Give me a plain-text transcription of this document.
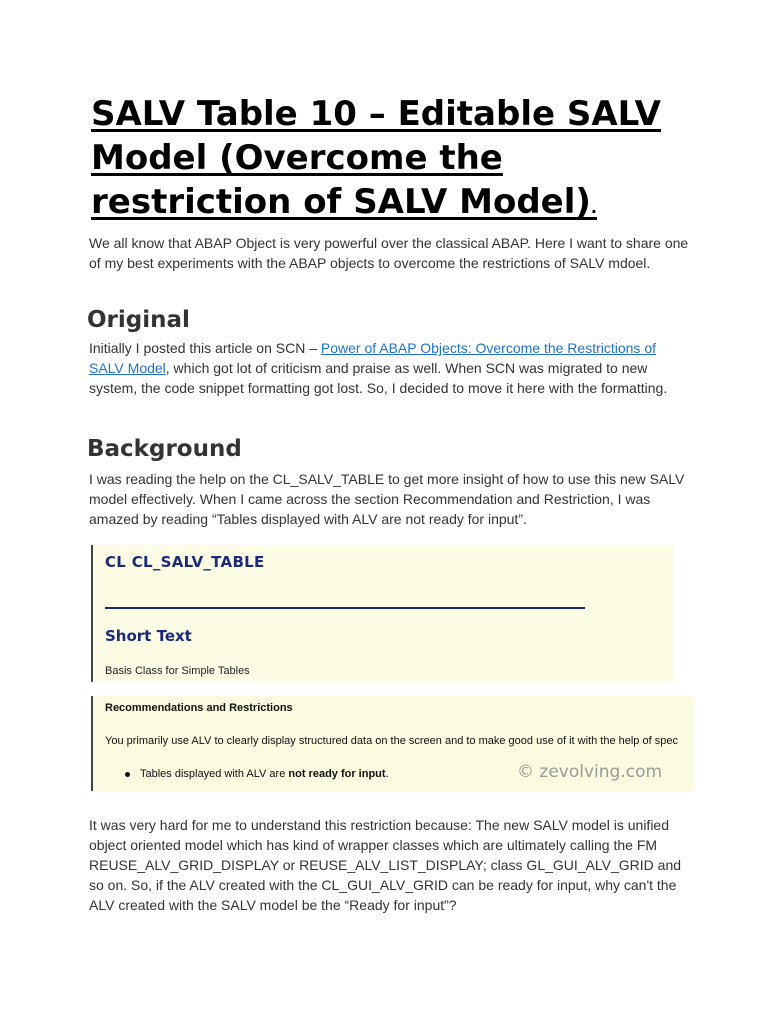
SALV Table 10 – Editable SALV Model (Overcome the restriction of SALV Model).

We all know that ABAP Object is very powerful over the classical ABAP. Here I want to share one of my best experiments with the ABAP objects to overcome the restrictions of SALV mdoel.

Original

Initially I posted this article on SCN – Power of ABAP Objects: Overcome the Restrictions of SALV Model, which got lot of criticism and praise as well. When SCN was migrated to new system, the code snippet formatting got lost. So, I decided to move it here with the formatting.

Background

I was reading the help on the CL_SALV_TABLE to get more insight of how to use this new SALV model effectively. When I came across the section Recommendation and Restriction, I was amazed by reading “Tables displayed with ALV are not ready for input”.

CL CL_SALV_TABLE

Short Text

Basis Class for Simple Tables

Recommendations and Restrictions

You primarily use ALV to clearly display structured data on the screen and to make good use of it with the help of spec

Tables displayed with ALV are not ready for input.	© zevolving.com

It was very hard for me to understand this restriction because: The new SALV model is unified object oriented model which has kind of wrapper classes which are ultimately calling the FM REUSE_ALV_GRID_DISPLAY or REUSE_ALV_LIST_DISPLAY; class GL_GUI_ALV_GRID and so on. So, if the ALV created with the CL_GUI_ALV_GRID can be ready for input, why can't the ALV created with the SALV model be the “Ready for input”?
